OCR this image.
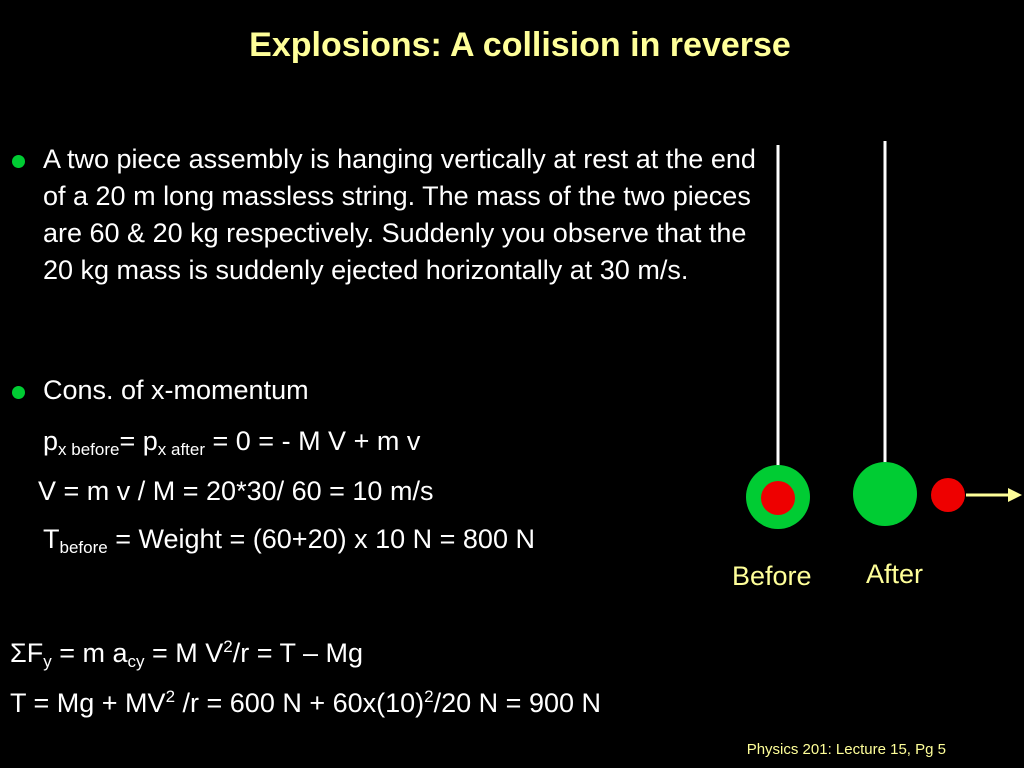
Explosions: A collision in reverse
A two piece assembly is hanging vertically at rest at the end of a 20 m long massless string. The mass of the two pieces are 60 & 20 kg respectively. Suddenly you observe that the 20 kg mass is suddenly ejected horizontally at 30 m/s.
Cons. of x-momentum
$p_{x before}= p_{x after} = 0$ = - M V + m v
V = m v / M = 20*30/ 60 = 10 m/s
$T_{before}$ = Weight = (60+20) x 10 N = 800 N
$\Sigma F_y = m$ $a_{cy} = M$ $V^2/r = T - Mg$
$T = Mg + MV^2$ /r = 600 $N + 60x(10)^2/20$ N = 900 N
Before After
Physics 201: Lecture 15, Pg 5
